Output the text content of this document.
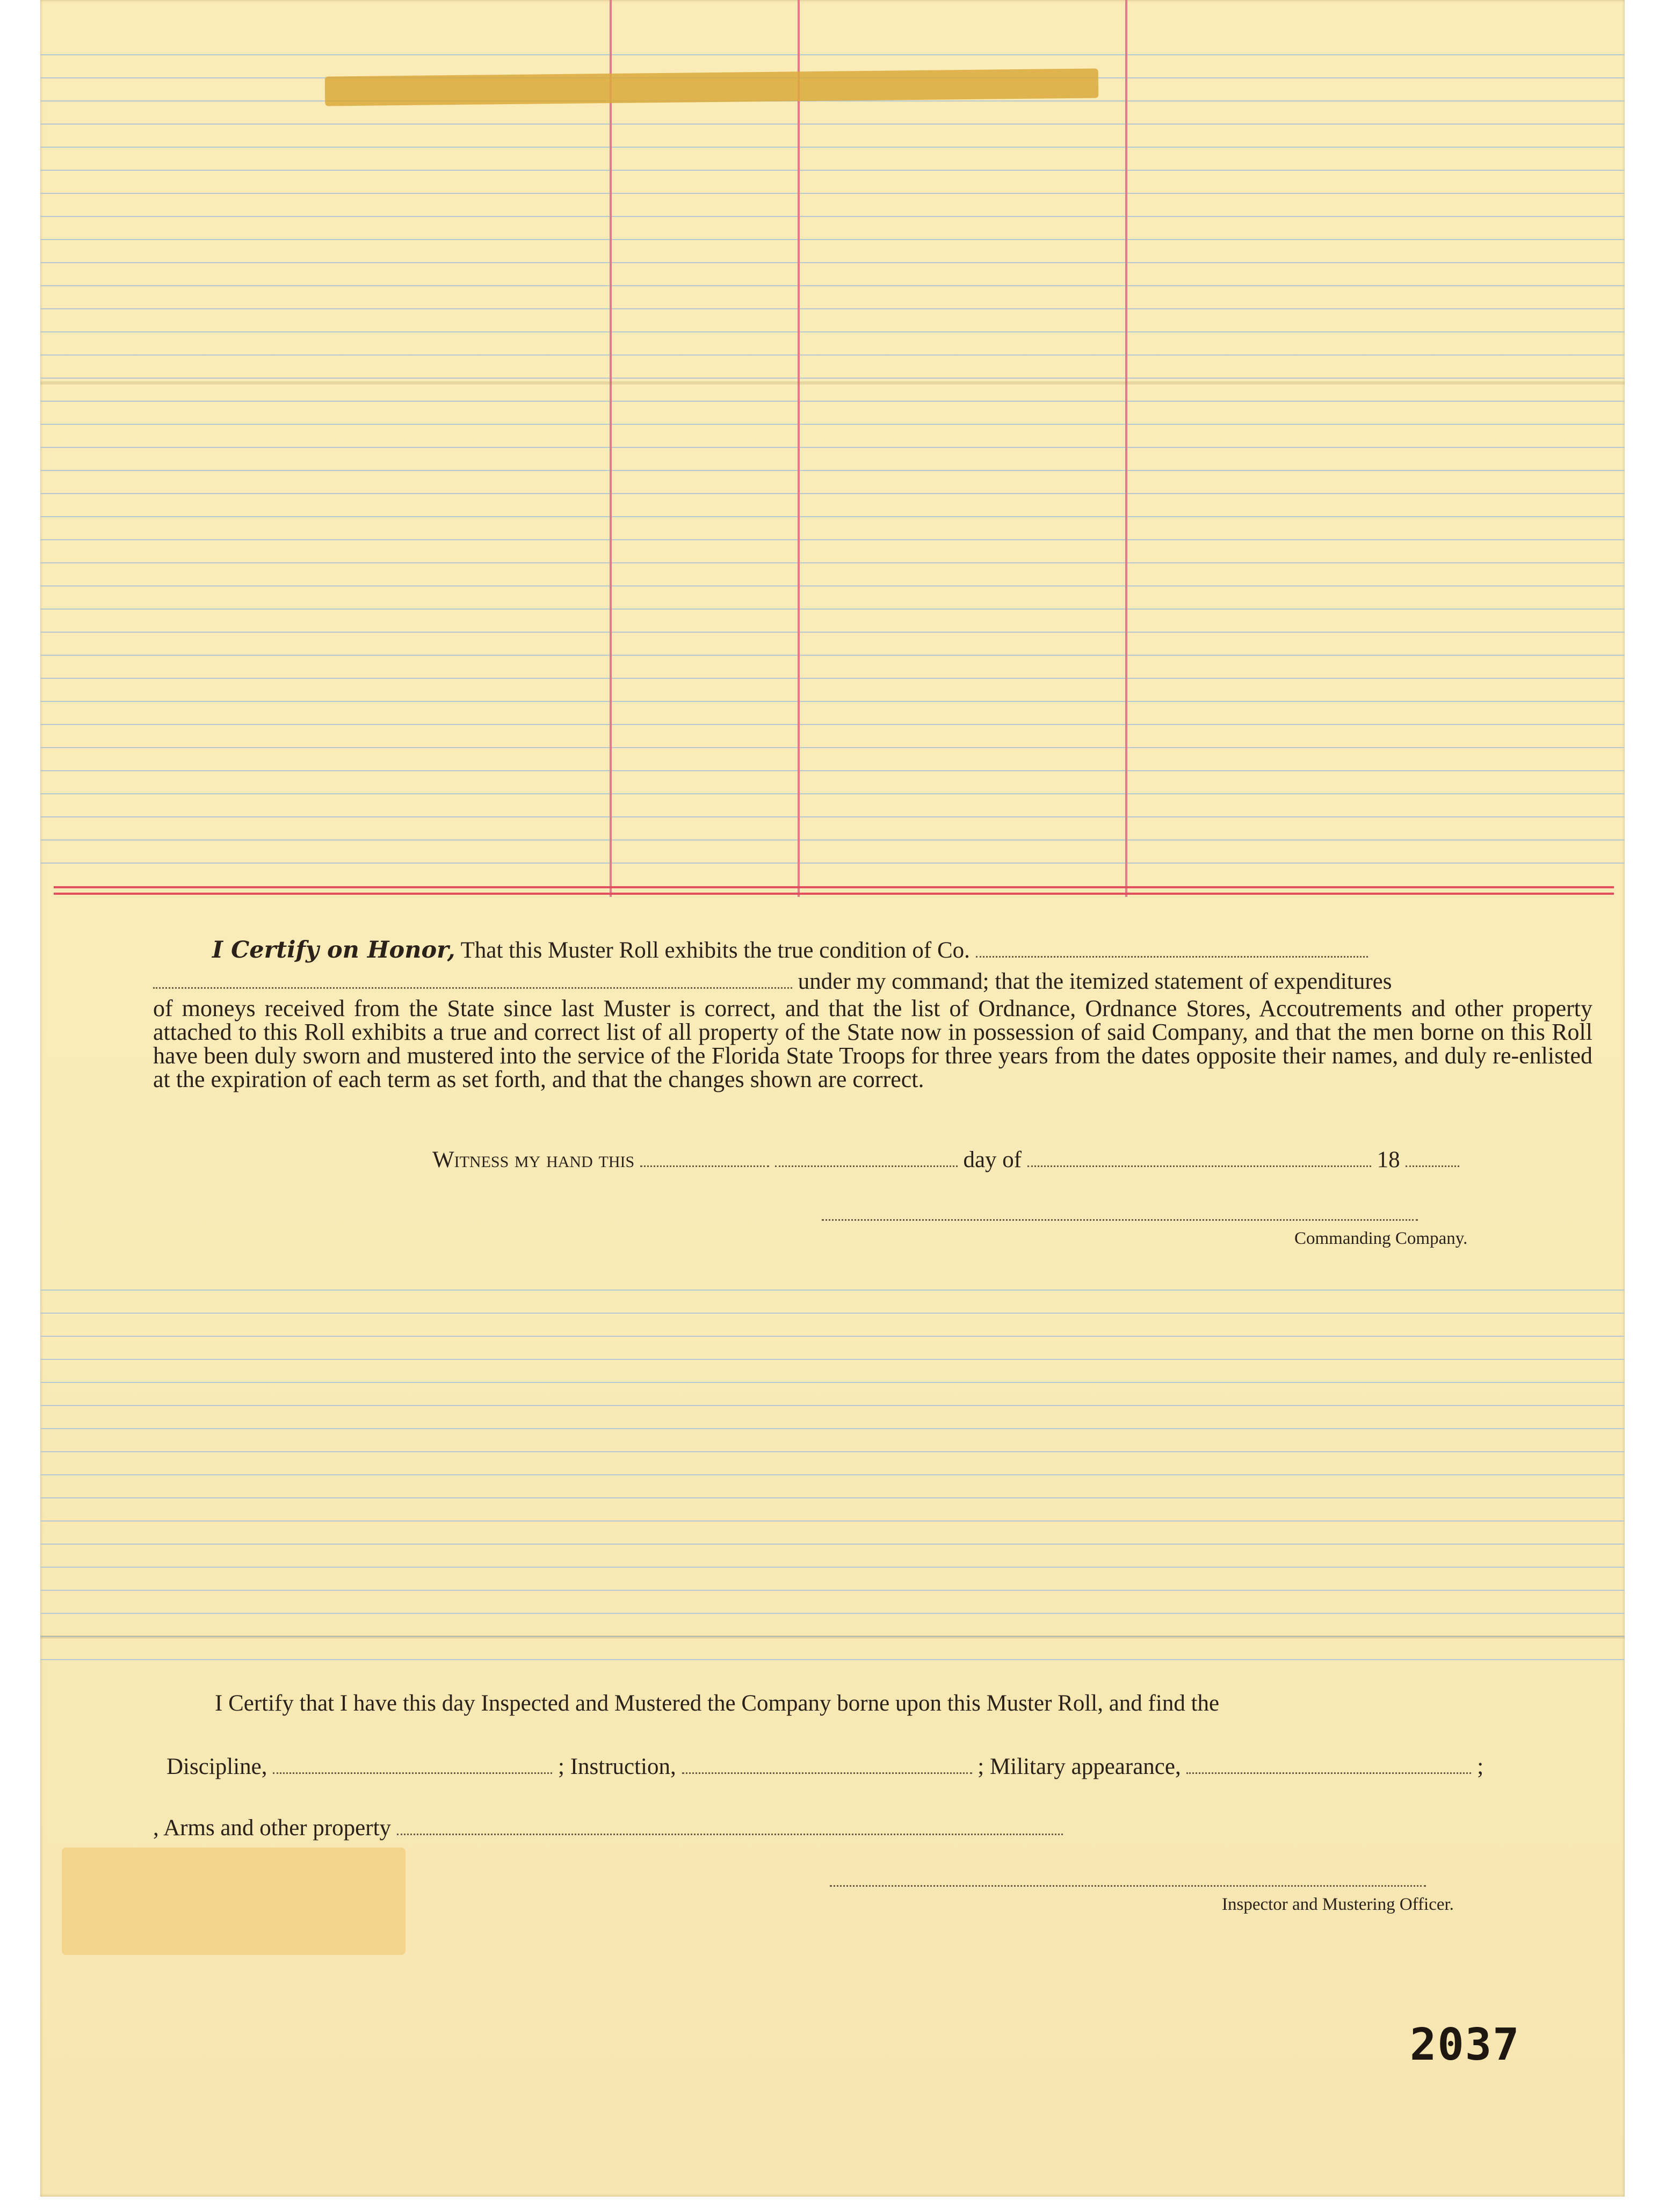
I Certify on Honor, That this Muster Roll exhibits the true condition of Co.
under my command; that the itemized statement of expenditures
of moneys received from the State since last Muster is correct, and that the list of Ordnance, Ordnance Stores, Accoutrements and other property attached to this Roll exhibits a true and correct list of all property of the State now in possession of said Company, and that the men borne on this Roll have been duly sworn and mustered into the service of the Florida State Troops for three years from the dates opposite their names, and duly re-enlisted at the expiration of each term as set forth, and that the changes shown are correct.
Witness my hand this	day of	18
Commanding Company.
I Certify that I have this day Inspected and Mustered the Company borne upon this Muster Roll, and find the
Discipline,	; Instruction,	; Military appearance,	;
, Arms and other property
Inspector and Mustering Officer.
2037
